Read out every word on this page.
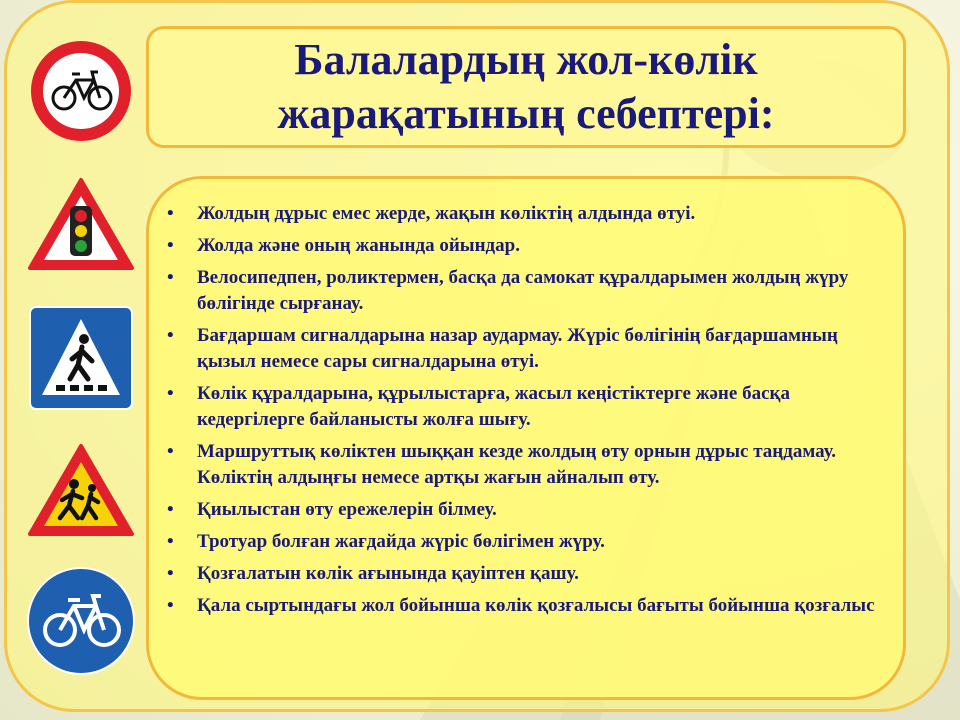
Балалардың жол-көлік
жарақатының себептері:
• Жолдың дұрыс емес жерде, жақын көліктің алдында өтуі.
• Жолда және оның жанында ойындар.
• Велосипедпен, роликтермен, басқа да самокат құралдарымен жолдың жүру бөлігінде сырғанау.
• Бағдаршам сигналдарына назар аудармау. Жүріс бөлігінің бағдаршамның қызыл немесе сары сигналдарына өтуі.
• Көлік құралдарына, құрылыстарға, жасыл кеңістіктерге және басқа кедергілерге байланысты жолға шығу.
• Маршруттық көліктен шыққан кезде жолдың өту орнын дұрыс таңдамау. Көліктің алдыңғы немесе артқы жағын айналып өту.
• Қиылыстан өту ережелерін білмеу.
• Тротуар болған жағдайда жүріс бөлігімен жүру.
• Қозғалатын көлік ағынында қауіптен қашу.
• Қала сыртындағы жол бойынша көлік қозғалысы бағыты бойынша қозғалыс
